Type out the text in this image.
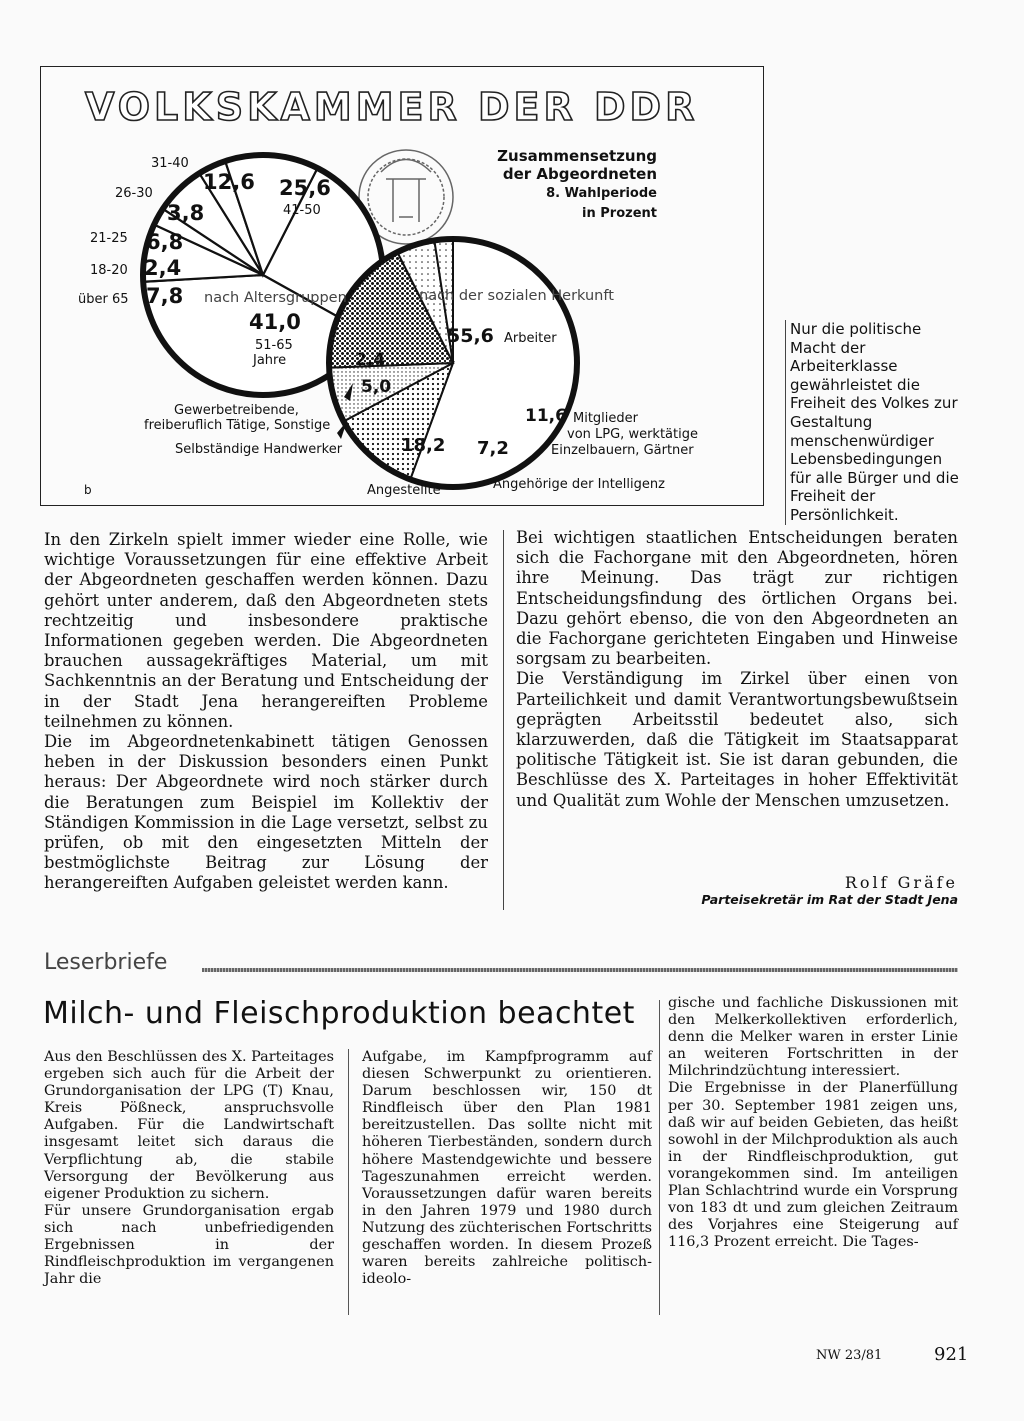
nach Altersgruppen
25,6
41-50
41,0
51-65
Jahre
7,8
über 65
2,4
18-20
6,8
21-25
3,8
26-30 12,6
31-40
nach der sozialen Herkunft
55,6 Arbeiter
11,6 Mitglieder
von LPG, werktätige
Einzelbauern, Gärtner
7,2
Angehörige der Intelligenz
18,2
Angestellte
5,0
Selbständige Handwerker
2,4
Gewerbetreibende,
freiberuflich Tätige, Sonstige
VOLKSKAMMER DER DDR
Zusammensetzung
der Abgeordneten
8. Wahlperiode
in Prozent
b

Nur die politische Macht der Arbeiterklasse gewährleistet die Freiheit des Volkes zur Gestaltung menschenwürdiger Lebensbedingungen für alle Bürger und die Freiheit der Persönlichkeit.

In den Zirkeln spielt immer wieder eine Rolle, wie wichtige Voraussetzungen für eine effektive Arbeit der Abgeordneten geschaffen werden können. Dazu gehört unter anderem, daß den Abgeordneten stets rechtzeitig und insbesondere praktische Informationen gegeben werden. Die Abgeordneten brauchen aussagekräftiges Material, um mit Sachkenntnis an der Beratung und Entscheidung der in der Stadt Jena herangereiften Probleme teilnehmen zu können.

Die im Abgeordnetenkabinett tätigen Genossen heben in der Diskussion besonders einen Punkt heraus: Der Abgeordnete wird noch stärker durch die Beratungen zum Beispiel im Kollektiv der Ständigen Kommission in die Lage versetzt, selbst zu prüfen, ob mit den eingesetzten Mitteln der bestmöglichste Beitrag zur Lösung der herangereiften Aufgaben geleistet werden kann.

Bei wichtigen staatlichen Entscheidungen beraten sich die Fachorgane mit den Abgeordneten, hören ihre Meinung. Das trägt zur richtigen Entscheidungsfindung des örtlichen Organs bei. Dazu gehört ebenso, die von den Abgeordneten an die Fachorgane gerichteten Eingaben und Hinweise sorgsam zu bearbeiten.

Die Verständigung im Zirkel über einen von Parteilichkeit und damit Verantwortungsbewußtsein geprägten Arbeitsstil bedeutet also, sich klarzuwerden, daß die Tätigkeit im Staatsapparat politische Tätigkeit ist. Sie ist daran gebunden, die Beschlüsse des X. Parteitages in hoher Effektivität und Qualität zum Wohle der Menschen umzusetzen.

Rolf Gräfe
Parteisekretär im Rat der Stadt Jena
Leserbriefe
Milch- und Fleischproduktion beachtet

Aus den Beschlüssen des X. Parteitages ergeben sich auch für die Arbeit der Grundorganisation der LPG (T) Knau, Kreis Pößneck, anspruchsvolle Aufgaben. Für die Landwirtschaft insgesamt leitet sich daraus die Verpflichtung ab, die stabile Versorgung der Bevölkerung aus eigener Produktion zu sichern.

Für unsere Grundorganisation ergab sich nach unbefriedigenden Ergebnissen in der Rindfleischproduktion im vergangenen Jahr die

Aufgabe, im Kampfprogramm auf diesen Schwerpunkt zu orientieren. Darum beschlossen wir, 150 dt Rindfleisch über den Plan 1981 bereitzustellen. Das sollte nicht mit höheren Tierbeständen, sondern durch höhere Mastendgewichte und bessere Tageszunahmen erreicht werden. Voraussetzungen dafür waren bereits in den Jahren 1979 und 1980 durch Nutzung des züchterischen Fortschritts geschaffen worden. In diesem Prozeß waren bereits zahlreiche politisch-ideolo-

gische und fachliche Diskussionen mit den Melkerkollektiven erforderlich, denn die Melker waren in erster Linie an weiteren Fortschritten in der Milchrindzüchtung interessiert.

Die Ergebnisse in der Planerfüllung per 30. September 1981 zeigen uns, daß wir auf beiden Gebieten, das heißt sowohl in der Milchproduktion als auch in der Rindfleischproduktion, gut vorangekommen sind. Im anteiligen Plan Schlachtrind wurde ein Vorsprung von 183 dt und zum gleichen Zeitraum des Vorjahres eine Steigerung auf 116,3 Prozent erreicht. Die Tages-

NW 23/81	921
